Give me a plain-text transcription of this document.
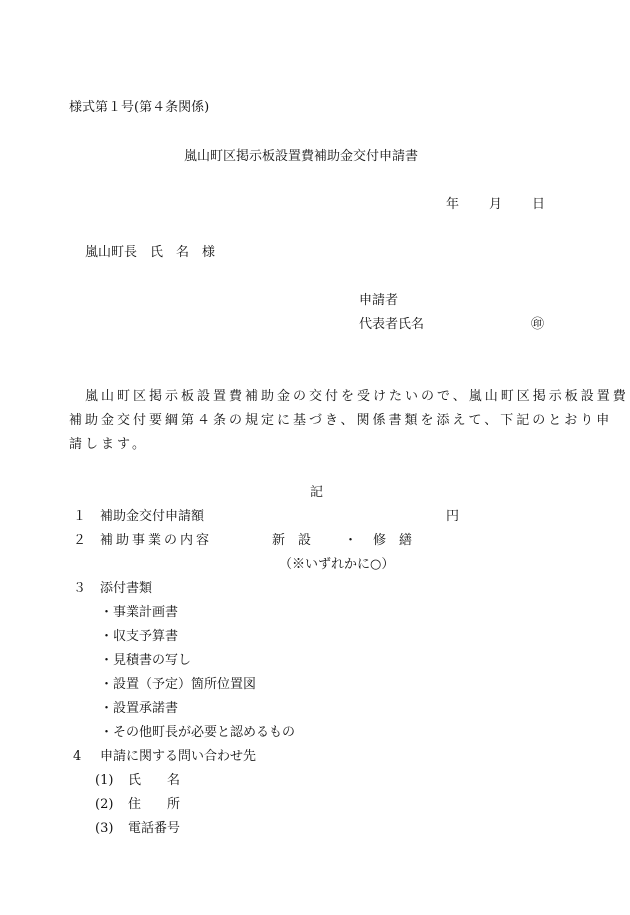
様式第１号(第４条関係)
嵐山町区掲示板設置費補助金交付申請書
年 月 日
嵐山町長　氏　名　様
申請者
代表者氏名	㊞
嵐山町区掲示板設置費補助金の交付を受けたいので、嵐山町区掲示板設置費
補助金交付要綱第４条の規定に基づき、関係書類を添えて、下記のとおり申
請します。
記
１ 補助金交付申請額	円
２ 補助事業の内容	新　設	・ 修　繕
（※いずれかに○）
３ 添付書類
・事業計画書
・収支予算書
・見積書の写し
・設置（予定）箇所位置図
・設置承諾書
・その他町長が必要と認めるもの
4 申請に関する問い合わせ先
(1) 氏　　名
(2) 住　　所
(3) 電話番号
